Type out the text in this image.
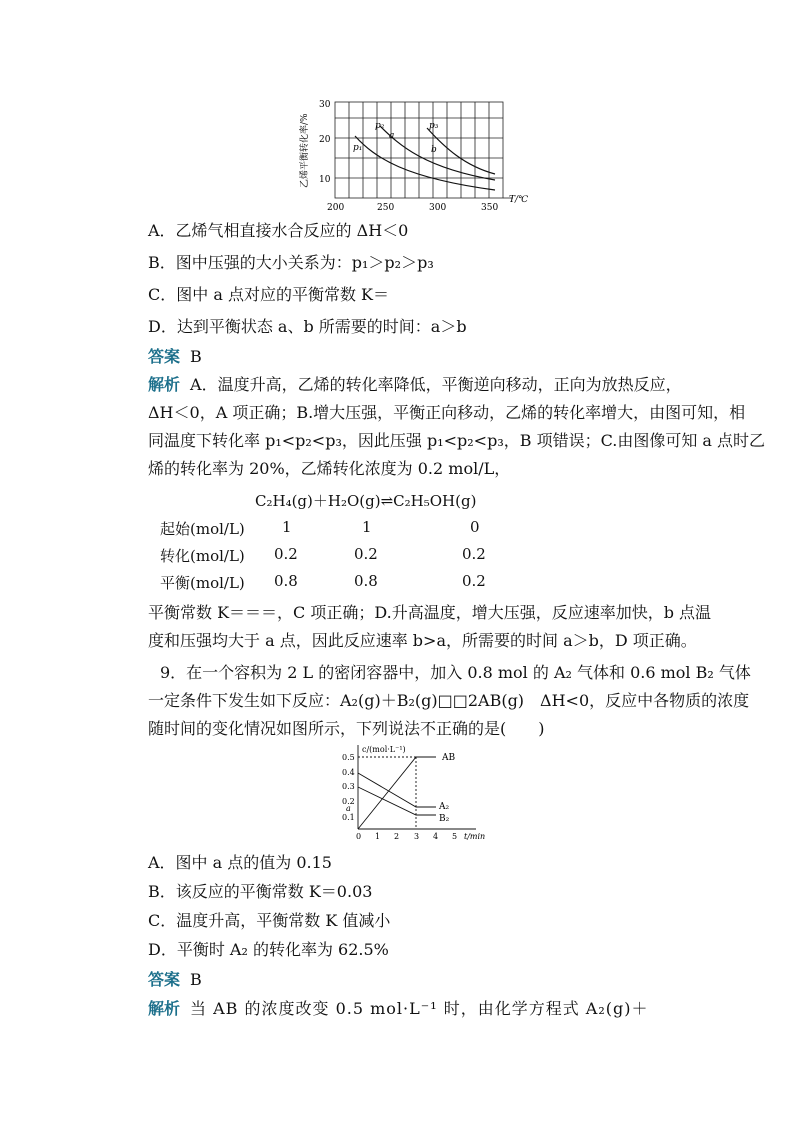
乙烯平衡转化率/%
30
20
10
200	250	300	350
T/℃
p₁
p₂	p₃
a
b
A．乙烯气相直接水合反应的 ΔH＜0
B．图中压强的大小关系为：p₁＞p₂＞p₃
C．图中 a 点对应的平衡常数 K＝
D．达到平衡状态 a、b 所需要的时间：a＞b
答案 B
解析 A．温度升高，乙烯的转化率降低，平衡逆向移动，正向为放热反应，
ΔH＜0，A 项正确；B.增大压强，平衡正向移动，乙烯的转化率增大，由图可知，相
同温度下转化率 p₁<p₂<p₃，因此压强 p₁<p₂<p₃，B 项错误；C.由图像可知 a 点时乙
烯的转化率为 20%，乙烯转化浓度为 0.2 mol/L，
C₂H₄(g)＋H₂O(g)⇌C₂H₅OH(g)
起始(mol/L) 1	1	0
转化(mol/L) 0.2	0.2	0.2
平衡(mol/L) 0.8	0.8	0.2
平衡常数 K＝＝＝，C 项正确；D.升高温度，增大压强，反应速率加快，b 点温
度和压强均大于 a 点，因此反应速率 b>a，所需要的时间 a＞b，D 项正确。
9．在一个容积为 2 L 的密闭容器中，加入 0.8 mol 的 A₂ 气体和 0.6 mol B₂ 气体
一定条件下发生如下反应：A₂(g)＋B₂(g)□□2AB(g)　ΔH<0，反应中各物质的浓度
随时间的变化情况如图所示，下列说法不正确的是(　　)
c/(mol·L⁻¹)
0.5
0.4
0.3
0.2
a
0.1
0 1 2 3 4 5 t/min
AB
A₂
B₂
A．图中 a 点的值为 0.15
B．该反应的平衡常数 K＝0.03
C．温度升高，平衡常数 K 值减小
D．平衡时 A₂ 的转化率为 62.5%
答案 B
解析 当 AB 的浓度改变 0.5 mol·L⁻¹ 时，由化学方程式 A₂(g)＋
